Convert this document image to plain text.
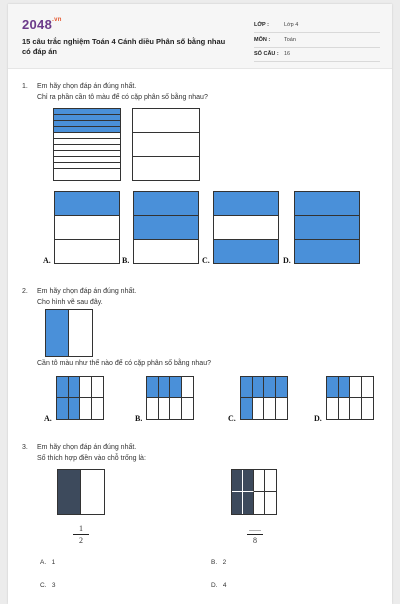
$2048^{.vn}$
15 câu trắc nghiệm Toán 4 Cánh diều Phân số bằng nhau có đáp án
LỚP :	Lớp 4
MÔN :	Toán
SỐ CÂU : 16
1. Em hãy chọn đáp án đúng nhất.
Chỉ ra phần cần tô màu để có cặp phân số bằng nhau?
A.	B.	C.	D.
2. Em hãy chọn đáp án đúng nhất.
Cho hình vẽ sau đây.
Cần tô màu như thế nào để có cặp phân số bằng nhau?
A.	B.	C.	D.
3. Em hãy chọn đáp án đúng nhất.
Số thích hợp điền vào chỗ trống là:
1
2
......
8
A. 1	B. 2
C. 3	D. 4
